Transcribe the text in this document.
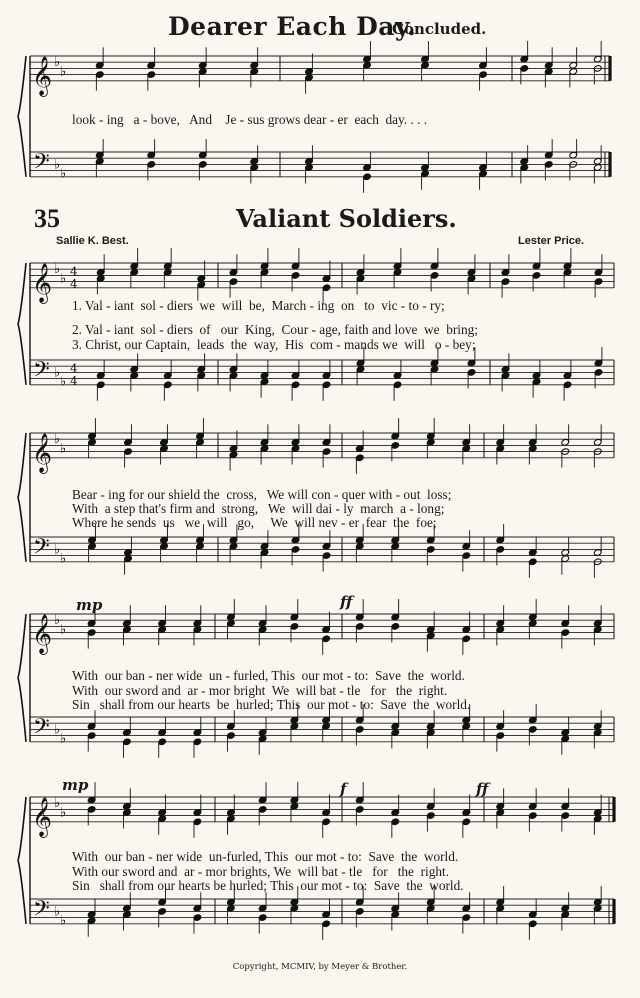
Dearer Each Day.
Concluded.
look - ing   a - bove,   And    Je - sus grows dear - er  each  day. . . .
35	Valiant Soldiers.
Sallie K. Best.	Lester Price.
1. Val - iant  sol - diers  we  will  be,  March - ing  on   to  vic - to - ry;
2. Val - iant  sol - diers  of   our  King,  Cour - age, faith and love  we  bring;
3. Christ, our Captain,  leads  the  way,  His  com - mands we  will   o - bey;
Bear - ing for our shield the  cross,   We will con - quer with - out  loss;
With  a step that's firm and  strong,   We  will dai - ly  march  a - long;
Where he sends  us   we  will   go,     We  will nev - er  fear  the  foe;
mp	ff
With  our ban - ner wide  un - furled, This  our mot - to:  Save  the  world.
With  our sword and  ar - mor bright  We  will bat - tle   for   the  right.
Sin   shall from our hearts  be  hurled; This  our mot - to:  Save  the  world.
mp	f	ff
With  our ban - ner wide  un-furled, This  our mot - to:  Save  the  world.
With our sword and  ar - mor brights, We  will bat - tle   for   the  right.
Sin   shall from our hearts be hurled; This  our mot - to:  Save  the  world.
Copyright, MCMIV, by Meyer & Brother.
𝄞
𝄢
♭
♭
♭
♭
𝄞
𝄢
♭
♭
♭
♭
4
4
4
4
𝄞
𝄢
♭
♭
♭
♭
𝄞
𝄢
♭
♭
♭
♭
𝄞
𝄢
♭
♭
♭
♭
